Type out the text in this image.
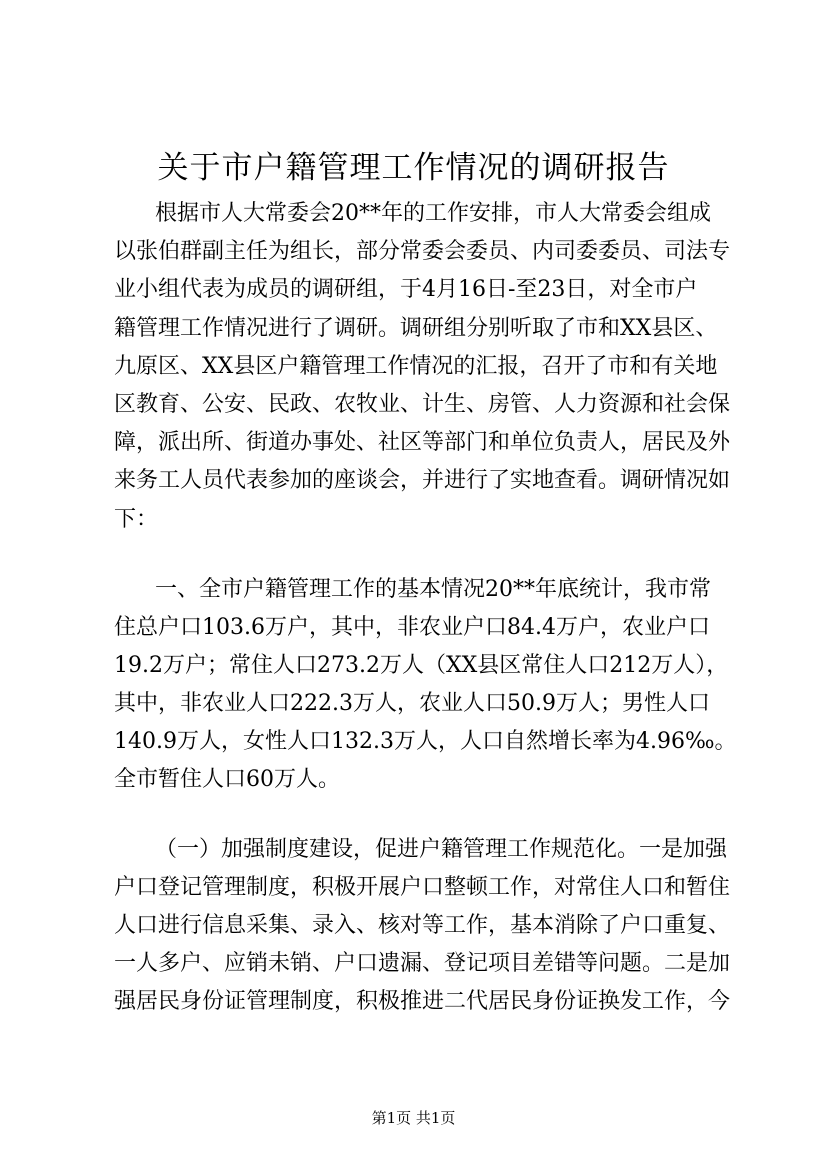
关于市户籍管理工作情况的调研报告
根据市人大常委会20**年的工作安排，市人大常委会组成
以张伯群副主任为组长，部分常委会委员、内司委委员、司法专
业小组代表为成员的调研组，于4月16日-至23日，对全市户
籍管理工作情况进行了调研。调研组分别听取了市和XX县区、
九原区、XX县区户籍管理工作情况的汇报，召开了市和有关地
区教育、公安、民政、农牧业、计生、房管、人力资源和社会保
障，派出所、街道办事处、社区等部门和单位负责人，居民及外
来务工人员代表参加的座谈会，并进行了实地查看。调研情况如
下：
一、全市户籍管理工作的基本情况20**年底统计，我市常
住总户口103.6万户，其中，非农业户口84.4万户，农业户口
19.2万户；常住人口273.2万人（XX县区常住人口212万人），
其中，非农业人口222.3万人，农业人口50.9万人；男性人口
140.9万人，女性人口132.3万人，人口自然增长率为4.96‰。
全市暂住人口60万人。
（一）加强制度建设，促进户籍管理工作规范化。一是加强
户口登记管理制度，积极开展户口整顿工作，对常住人口和暂住
人口进行信息采集、录入、核对等工作，基本消除了户口重复、
一人多户、应销未销、户口遗漏、登记项目差错等问题。二是加
强居民身份证管理制度，积极推进二代居民身份证换发工作，今
第1页 共1页
